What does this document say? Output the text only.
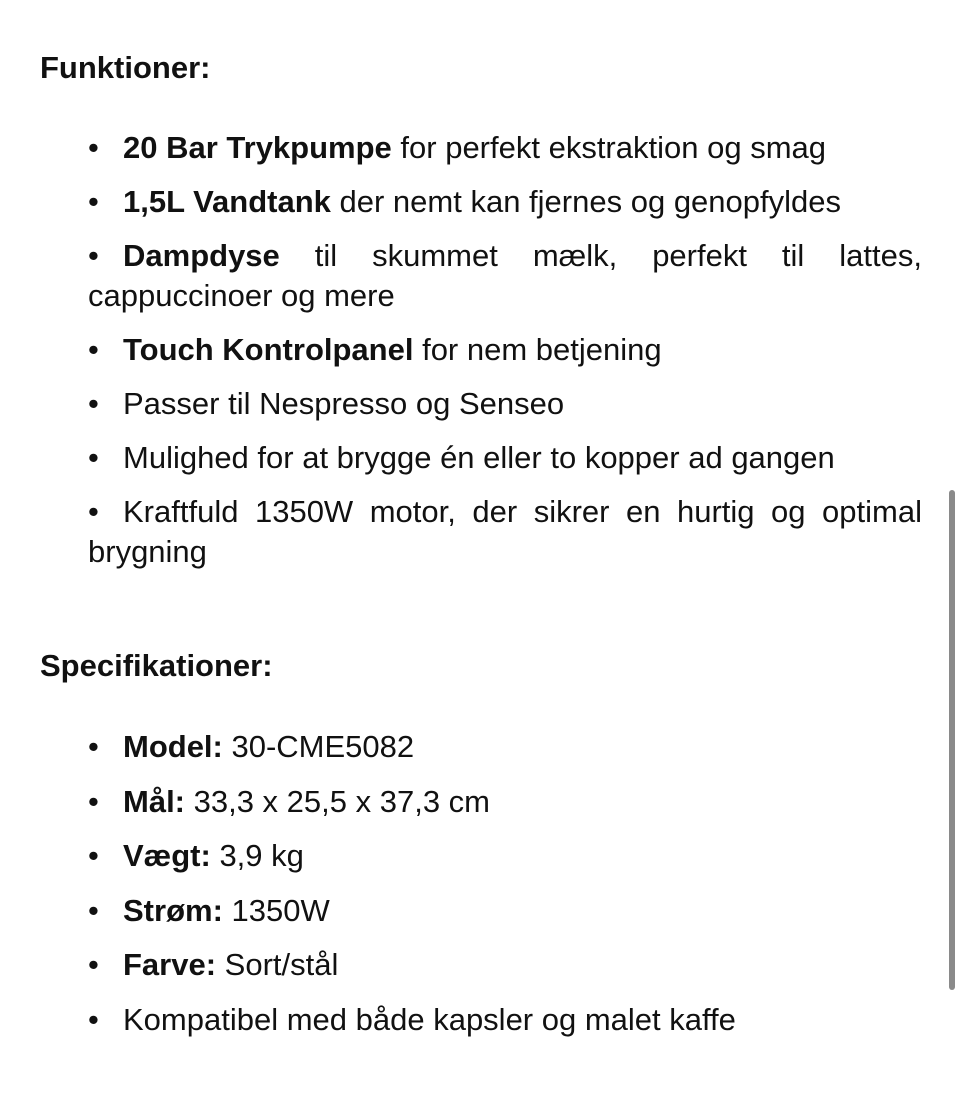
Funktioner:
• 20 Bar Trykpumpe for perfekt ekstraktion og smag
• 1,5L Vandtank der nemt kan fjernes og genopfyldes
• Dampdyse til skummet mælk, perfekt til lattes, cappuccinoer og mere
• Touch Kontrolpanel for nem betjening
• Passer til Nespresso og Senseo
• Mulighed for at brygge én eller to kopper ad gangen
• Kraftfuld 1350W motor, der sikrer en hurtig og optimal brygning
Specifikationer:
• Model: 30-CME5082
• Mål: 33,3 x 25,5 x 37,3 cm
• Vægt: 3,9 kg
• Strøm: 1350W
• Farve: Sort/stål
• Kompatibel med både kapsler og malet kaffe
